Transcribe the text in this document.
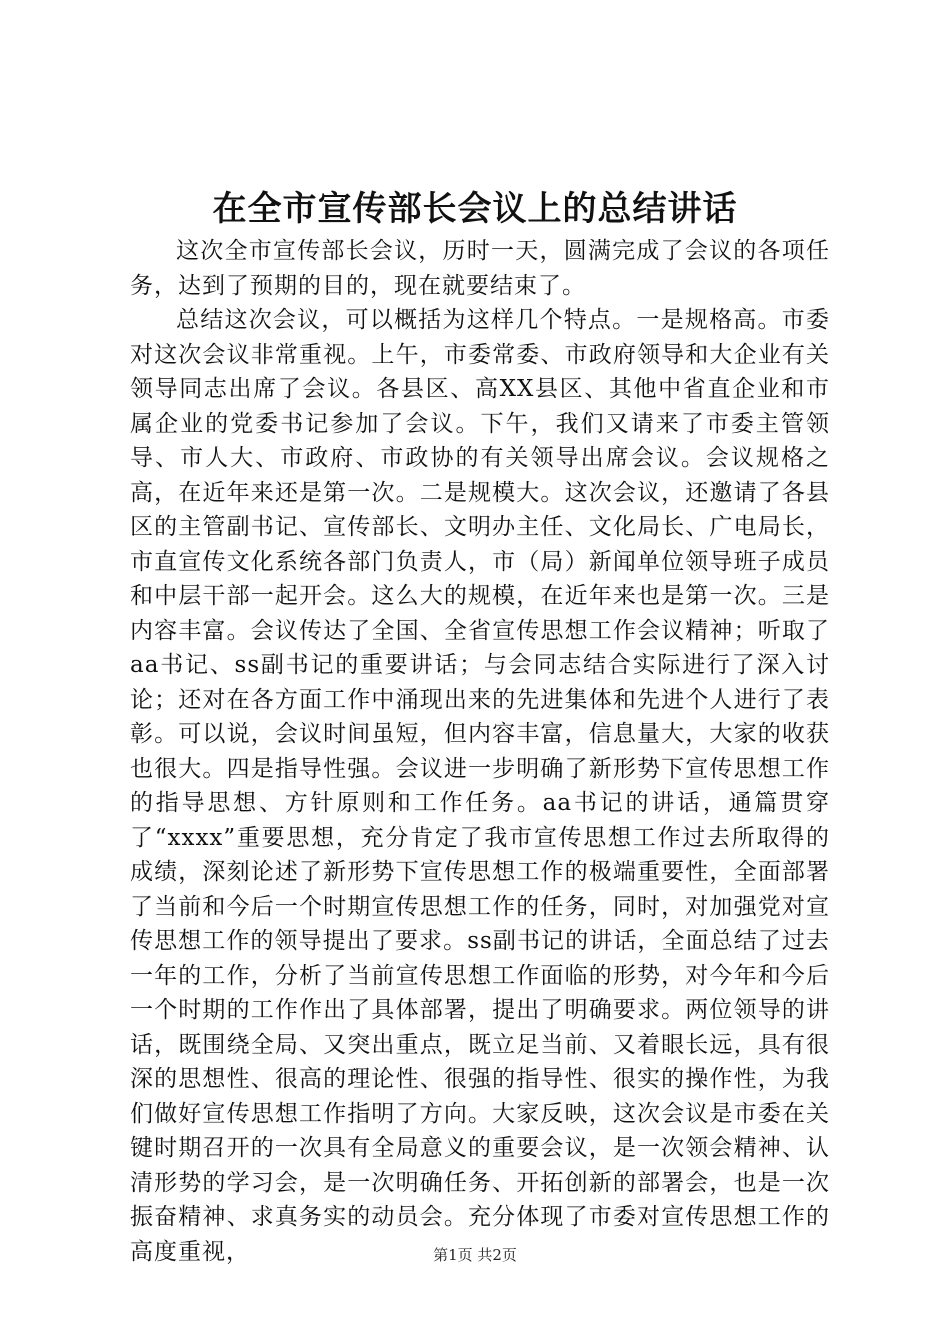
在全市宣传部长会议上的总结讲话

这次全市宣传部长会议，历时一天，圆满完成了会议的各项任务，达到了预期的目的，现在就要结束了。

总结这次会议，可以概括为这样几个特点。一是规格高。市委对这次会议非常重视。上午，市委常委、市政府领导和大企业有关领导同志出席了会议。各县区、高XX县区、其他中省直企业和市属企业的党委书记参加了会议。下午，我们又请来了市委主管领导、市人大、市政府、市政协的有关领导出席会议。会议规格之高，在近年来还是第一次。二是规模大。这次会议，还邀请了各县区的主管副书记、宣传部长、文明办主任、文化局长、广电局长，市直宣传文化系统各部门负责人，市（局）新闻单位领导班子成员和中层干部一起开会。这么大的规模，在近年来也是第一次。三是内容丰富。会议传达了全国、全省宣传思想工作会议精神；听取了aa书记、ss副书记的重要讲话；与会同志结合实际进行了深入讨论；还对在各方面工作中涌现出来的先进集体和先进个人进行了表彰。可以说，会议时间虽短，但内容丰富，信息量大，大家的收获也很大。四是指导性强。会议进一步明确了新形势下宣传思想工作的指导思想、方针原则和工作任务。aa书记的讲话，通篇贯穿了“xxxx”重要思想，充分肯定了我市宣传思想工作过去所取得的成绩，深刻论述了新形势下宣传思想工作的极端重要性，全面部署了当前和今后一个时期宣传思想工作的任务，同时，对加强党对宣传思想工作的领导提出了要求。ss副书记的讲话，全面总结了过去一年的工作，分析了当前宣传思想工作面临的形势，对今年和今后一个时期的工作作出了具体部署，提出了明确要求。两位领导的讲话，既围绕全局、又突出重点，既立足当前、又着眼长远，具有很深的思想性、很高的理论性、很强的指导性、很实的操作性，为我们做好宣传思想工作指明了方向。大家反映，这次会议是市委在关键时期召开的一次具有全局意义的重要会议，是一次领会精神、认清形势的学习会，是一次明确任务、开拓创新的部署会，也是一次振奋精神、求真务实的动员会。充分体现了市委对宣传思想工作的高度重视，	第1页 共2页
